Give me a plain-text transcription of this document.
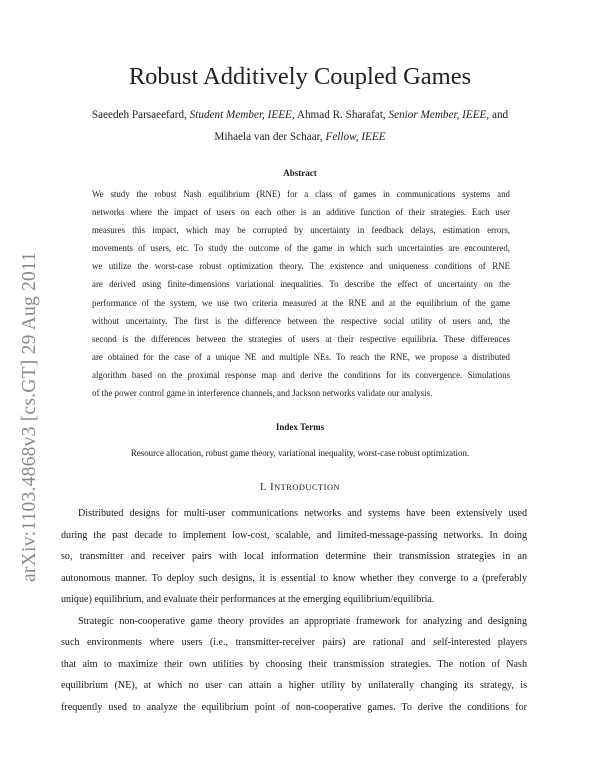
arXiv:1103.4868v3 [cs.GT] 29 Aug 2011
Robust Additively Coupled Games
Saeedeh Parsaeefard, Student Member, IEEE, Ahmad R. Sharafat, Senior Member, IEEE, and
Mihaela van der Schaar, Fellow, IEEE
Abstract
We study the robust Nash equilibrium (RNE) for a class of games in communications systems and
networks where the impact of users on each other is an additive function of their strategies. Each user
measures this impact, which may be corrupted by uncertainty in feedback delays, estimation errors,
movements of users, etc. To study the outcome of the game in which such uncertainties are encountered,
we utilize the worst-case robust optimization theory. The existence and uniqueness conditions of RNE
are derived using finite-dimensions variational inequalities. To describe the effect of uncertainty on the
performance of the system, we use two criteria measured at the RNE and at the equilibrium of the game
without uncertainty. The first is the difference between the respective social utility of users and, the
second is the differences between the strategies of users at their respective equilibria. These differences
are obtained for the case of a unique NE and multiple NEs. To reach the RNE, we propose a distributed
algorithm based on the proximal response map and derive the conditions for its convergence. Simulations
of the power control game in interference channels, and Jackson networks validate our analysis.
Index Terms
Resource allocation, robust game theory, variational inequality, worst-case robust optimization.
I. INTRODUCTION
Distributed designs for multi-user communications networks and systems have been extensively used
during the past decade to implement low-cost, scalable, and limited-message-passing networks. In doing
so, transmitter and receiver pairs with local information determine their transmission strategies in an
autonomous manner. To deploy such designs, it is essential to know whether they converge to a (preferably
unique) equilibrium, and evaluate their performances at the emerging equilibrium/equilibria.
Strategic non-cooperative game theory provides an appropriate framework for analyzing and designing
such environments where users (i.e., transmitter-receiver pairs) are rational and self-interested players
that aim to maximize their own utilities by choosing their transmission strategies. The notion of Nash
equilibrium (NE), at which no user can attain a higher utility by unilaterally changing its strategy, is
frequently used to analyze the equilibrium point of non-cooperative games. To derive the conditions for
